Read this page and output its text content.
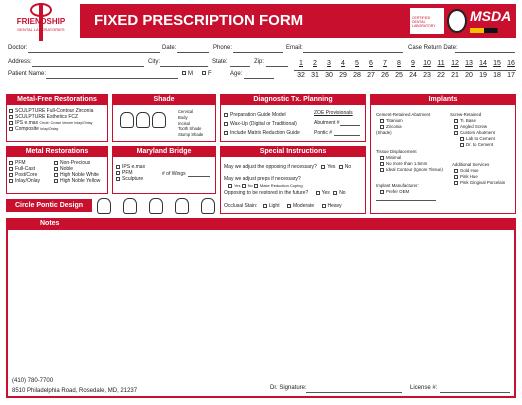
FRIENDSHIP
DENTAL LABORATORIES
FIXED PRESCRIPTION FORM	CERTIFIED DENTAL LABORATORY
MSDA
Doctor:	Date:	Phone:	Email:	Case Return Date:
Address:	City:	State:	Zip:
Patient Name:	M	F	Age:
1	2	3	4	5	6	7	8	9	10 11 12 13 14 15 16
32 31 30 29 28 27 26 25 24 23 22 21 20 19 18 17
Metal-Free Restorations
SCULPTURE Full-Contour Zirconia
SCULPTURE Esthetics FCZ
IPS e.max Circle: Crown Veneer Inlay/Onlay
Composite Inlay/Onlay
Metal Restorations
PFM
Full-Cast
Post/Core
Inlay/Onlay
Non-Precious
Noble
High Noble White
High Noble Yellow
Shade
Cervical
Body
Incisal
Tooth Shade
Stump Shade
Maryland Bridge
IPS e.max
PFM
Sculpture
# of Wings
Diagnostic Tx. Planning
Preparation Guide Model
Wax-Up (Digital or Traditional)
Include Matrix Reduction Guide
ZOE Provisionals
Abutment #
Pontic #
Special Instructions
May we adjust the opposing if necessary? Yes No
May we adjust preps if necessary?
Yes No Make Reduction Coping
Opposing to be restored in the future?	Yes No
Occlusal Stain: Light	Moderate	Heavy
Implants
Cement-Retained Abutment
Titanium
Zirconia
(Shade)
Screw-Retained
Ti. Base
Angled Screw
Custom Abutment
Lab to Cement
Dr. to Cement
Tissue Displacement
Minimal
No more than 1.5mm
Ideal Contour (Ignore Tissue)
Additional Services
Gold Hue
Pink Hue
Pink Gingival Porcelain
Implant Manufacturer:
Prefer OEM
Circle Pontic Design
Notes
(410) 780-7700
8510 Philadelphia Road, Rosedale, MD, 21237	Dr. Signature:	License #:
